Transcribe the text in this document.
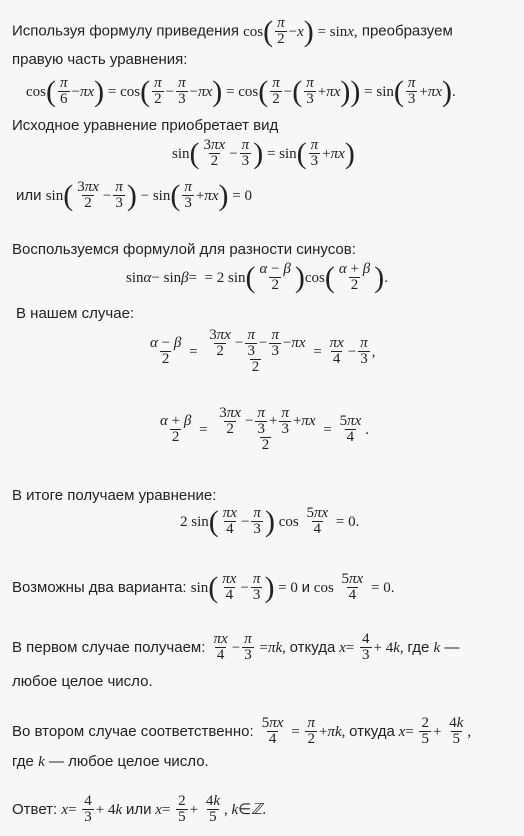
Используя формулу приведения cos ( $\frac{\pi}{2} - x$ ) = sin x , преобразуем
правую часть уравнения:
cos ( $\frac{\pi}{6} - \pi x$ ) = cos ( $\frac{\pi}{2} - \frac{\pi}{3} - \pi x$ ) = cos ( $\frac{\pi}{2}$ − ( $\frac{\pi}{3} + \pi x$ )) = sin ( $\frac{\pi}{3} + \pi x$ ) .
Исходное уравнение приобретает вид
sin ( $\frac{3\pi x}{2} - \frac{\pi}{3}$ ) = sin ( $\frac{\pi}{3} + \pi x$ )
или
sin ( $\frac{3\pi x}{2} - \frac{\pi}{3}$ ) − sin ( $\frac{\pi}{3} + \pi x$ ) = 0
Воспользуемся формулой для разности синусов:
sin α − sin β =  = 2 sin ( $\frac{\alpha - \beta}{2}$ ) cos ( $\frac{\alpha + \beta}{2}$ ) .
В нашем случае:
$\frac{\alpha - \beta}{2} = \frac{\frac{3\pi x}{2} - \frac{\pi}{3} - \frac{\pi}{3} - \pi x}{2} = \frac{\pi x}{4} - \frac{\pi}{3}$ ,
$\frac{\alpha + \beta}{2} = \frac{\frac{3\pi x}{2} - \frac{\pi}{3} + \frac{\pi}{3} + \pi x}{2} = \frac{5\pi x}{4}$ .
В итоге получаем уравнение:
2 sin ( $\frac{\pi x}{4} - \frac{\pi}{3}$ ) $\cos \frac{5\pi x}{4} = 0$.
Возможны два варианта:
sin ( $\frac{\pi x}{4} - \frac{\pi}{3}$ ) = 0 и $\cos \frac{5\pi x}{4} = 0$.
В первом случае получаем:
$\frac{\pi x}{4} - \frac{\pi}{3} = \pi k$ , откуда
$x = \frac{4}{3} + 4$ k , где
k
—
любое целое число.
Во втором случае соответственно:
$\frac{5\pi x}{4} = \frac{\pi}{2} + \pi k$ , откуда
$x = \frac{2}{5} + \frac{4k}{5}$ ,
где k — любое целое число.
Ответ:
$x = \frac{4}{3} + 4$ k
или
$x = \frac{2}{5} + \frac{4k}{5}$ , k ∈ ℤ .
